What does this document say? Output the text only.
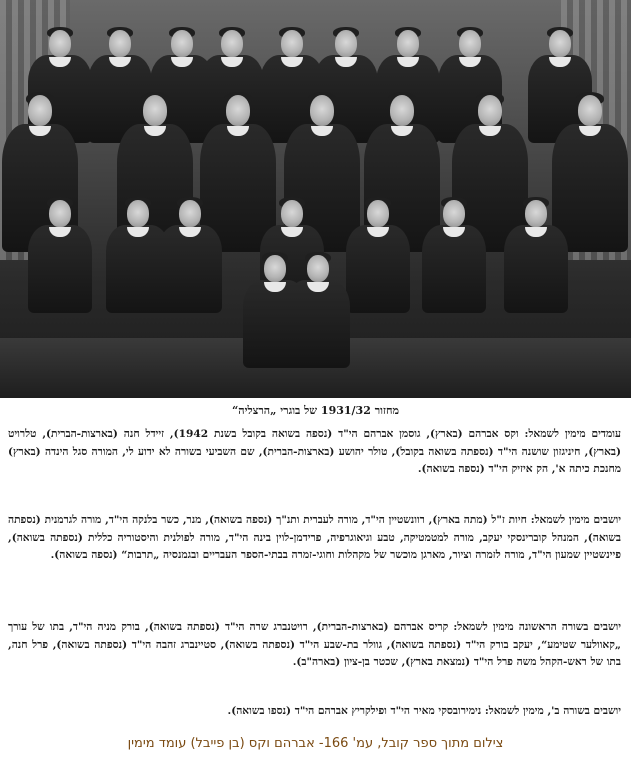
מחזור 1931/32 של בוגרי „הרצליה“
עומדים מימין לשמאל: וקס אברהם (בארץ), גוסמן אברהם הי"ד (נספה בשואה בקובל בשנת 1942), זיידל חנה (בארצות-הברית), טלרויט (בארץ), חיניגזון שושנה הי"ד (נספתה בשואה בקובל), טולר יהושע (בארצות-הברית), שם השביעי בשורה לא ידוע לי, המורה סגל הינדה (בארץ) מחנכת כיתה א', הק איזיק הי"ד (נספה בשואה).
יושבים מימין לשמאל: חיות ז"ל (מתה בארץ), רוונשטיין הי"ד, מורה לעברית ותנ"ך (נספה בשואה), מנר, כשר בלנקה הי"ד, מורה לגרמנית (נספתה בשואה), המנהל קוברינסקי יעקב, מורה למטמטיקה, טבע וגיאוגרפיה, פרידמן-לוין בינה הי"ד, מורה לפולנית והיסטוריה כללית (נספתה בשואה), פיינשטיין שמעון הי"ד, מורה לזמרה וציור, מארגן מוכשר של מקהלות וחוגי-זמרה בבתי-הספר העבריים ובגמנסיה „תרבות“ (נספה בשואה).
יושבים בשורה הראשונה מימין לשמאל: קריס אברהם (בארצות-הברית), רויטנברג שרה הי"ד (נספתה בשואה), בורק מניה הי"ד, בתו של עורך „קאוולער שטימע“, יעקב בורק הי"ד (נספתה בשואה), גוולר בת-שבע הי"ד (נספתה בשואה), סטיינברג זהבה הי"ד (נספתה בשואה), פרל חנה, בתו של ראש-הקהל משה פרל הי"ד (נמצאת בארץ), שכטר בן-ציון (בארה"ב).
יושבים בשורה ב', מימין לשמאל: נימירובסקי מאיר הי"ד ופילקריץ אברהם הי"ד (נספו בשואה).
צילום מתוך ספר קובל, עמ' 166- אברהם וקס (בן פייבל) עומד מימין
